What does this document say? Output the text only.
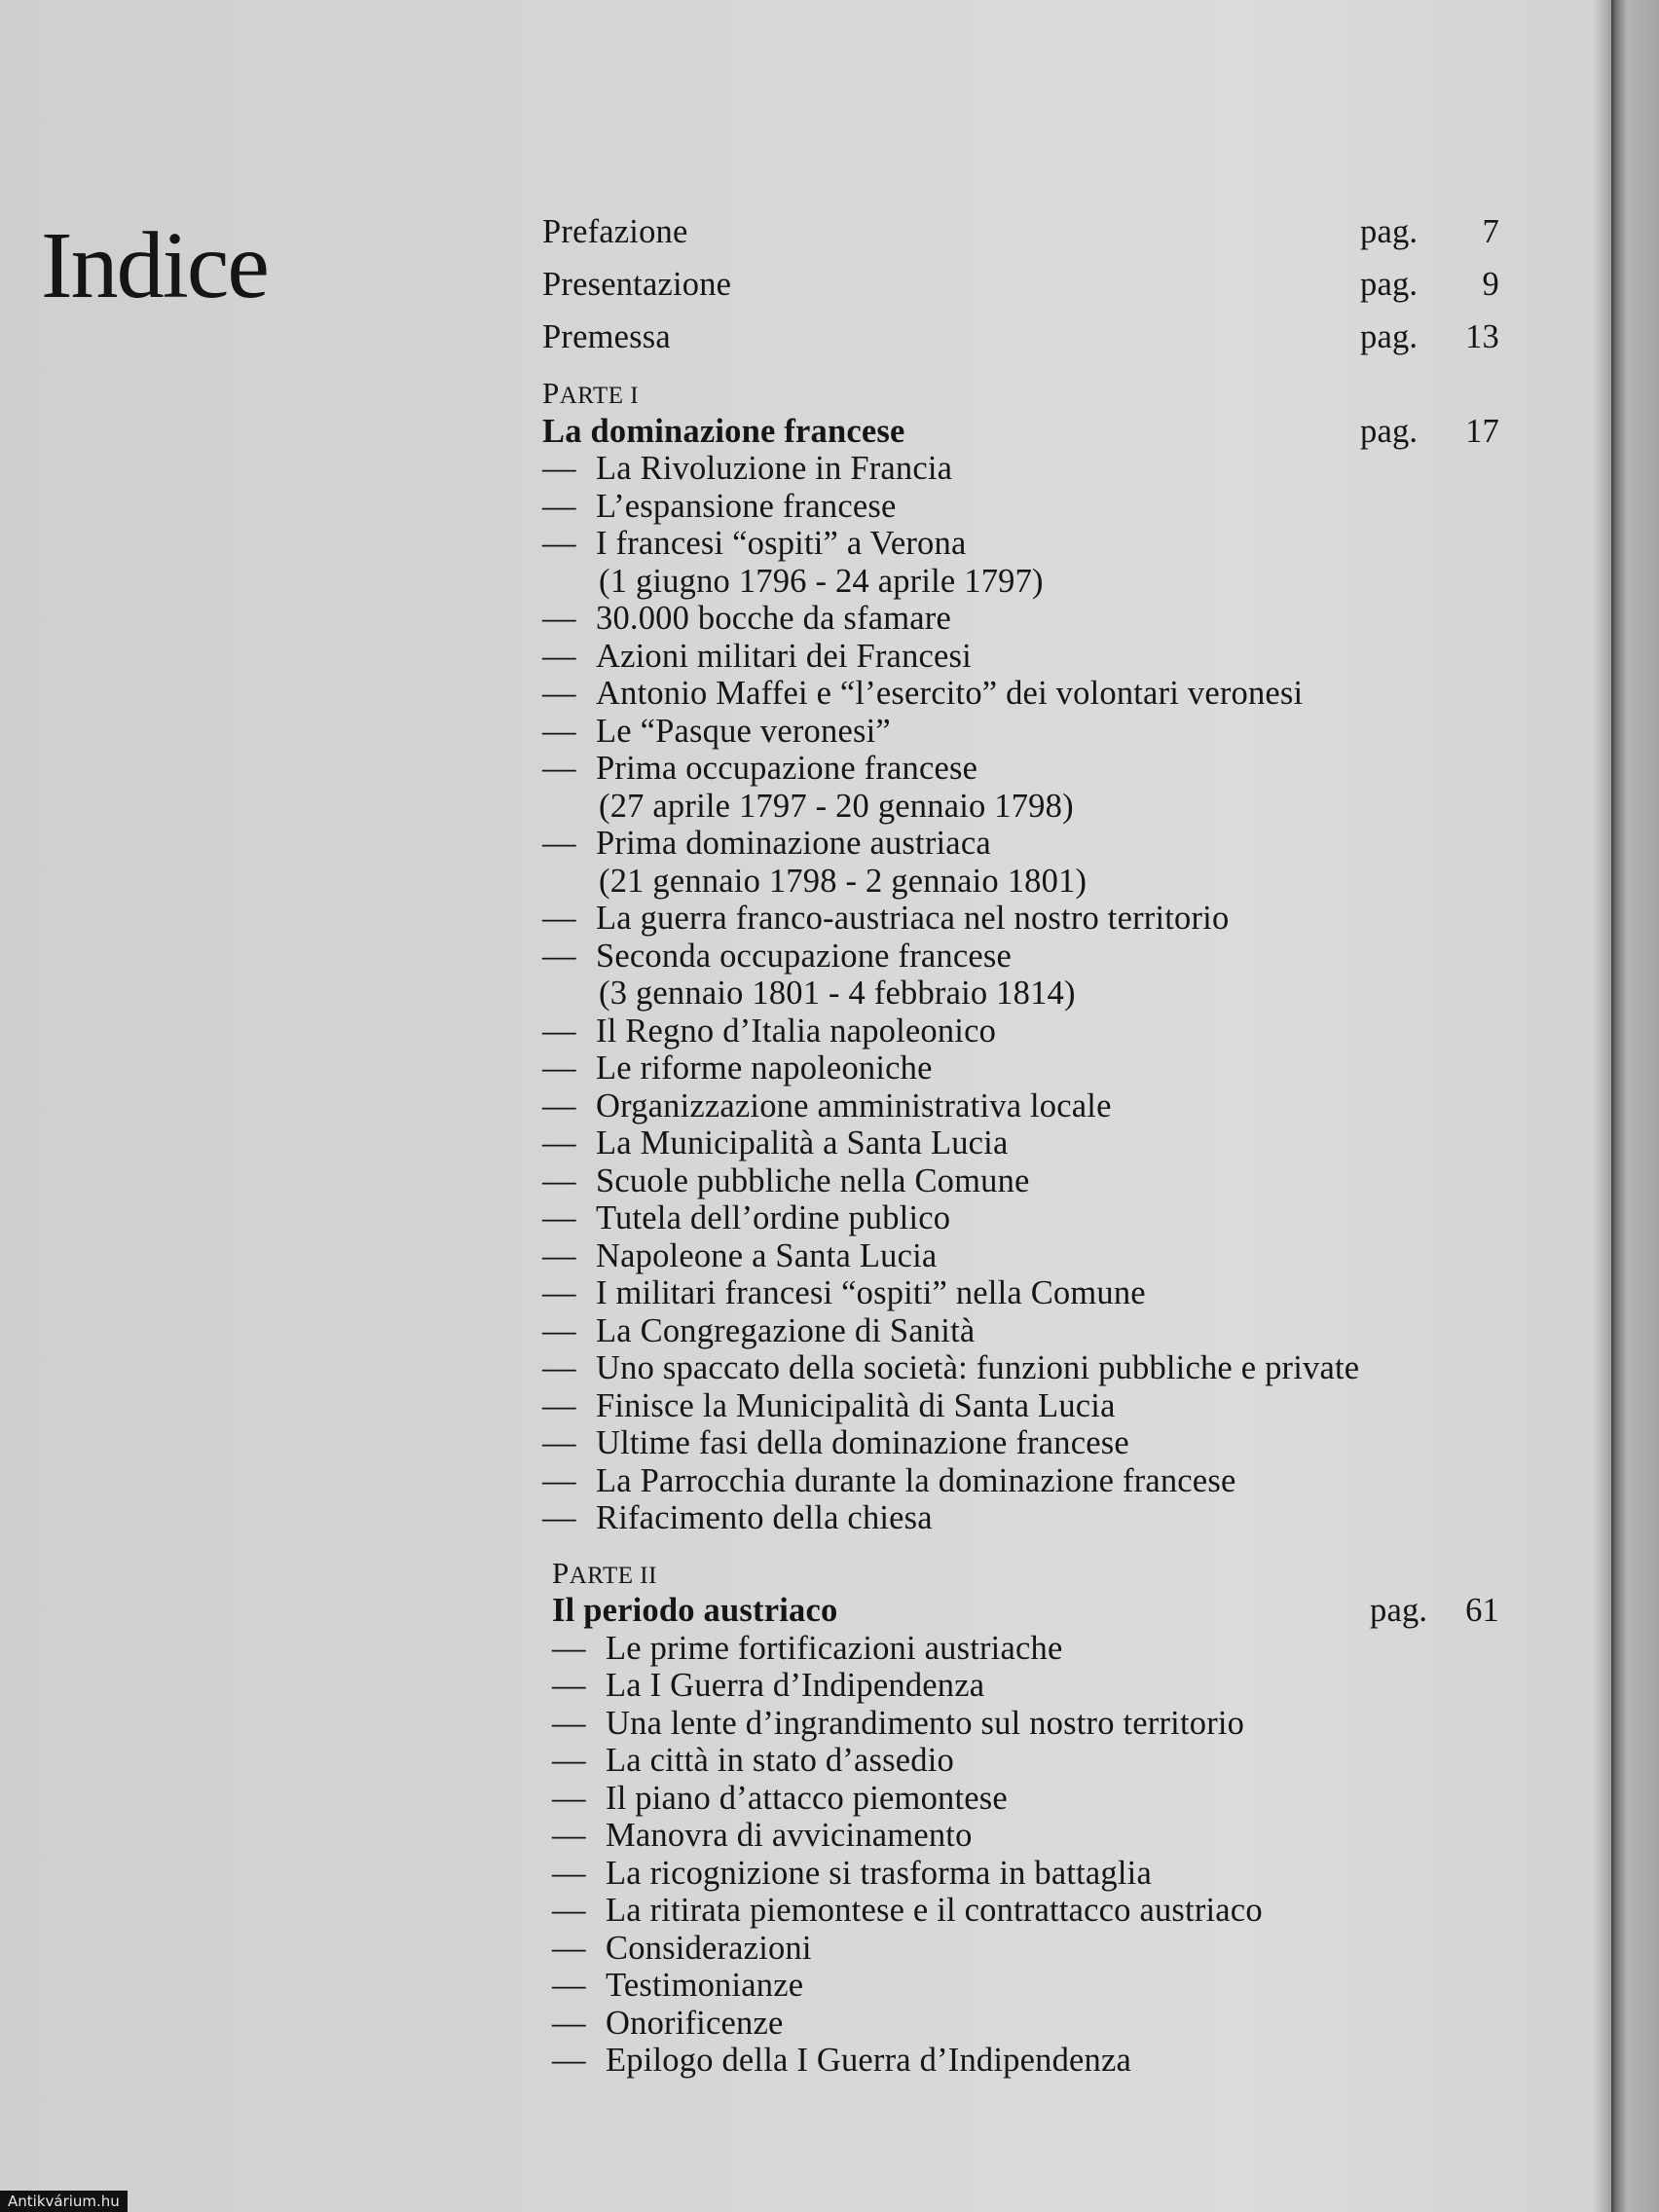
Indice	Prefazione	pag.	7
Presentazione	pag.	9
Premessa	pag.	13
PARTE I
La dominazione francese	pag.	17
— La Rivoluzione in Francia
— L’espansione francese
— I francesi “ospiti” a Verona
(1 giugno 1796 - 24 aprile 1797)
— 30.000 bocche da sfamare
— Azioni militari dei Francesi
— Antonio Maffei e “l’esercito” dei volontari veronesi
— Le “Pasque veronesi”
— Prima occupazione francese
(27 aprile 1797 - 20 gennaio 1798)
— Prima dominazione austriaca
(21 gennaio 1798 - 2 gennaio 1801)
— La guerra franco-austriaca nel nostro territorio
— Seconda occupazione francese
(3 gennaio 1801 - 4 febbraio 1814)
— Il Regno d’Italia napoleonico
— Le riforme napoleoniche
— Organizzazione amministrativa locale
— La Municipalità a Santa Lucia
— Scuole pubbliche nella Comune
— Tutela dell’ordine publico
— Napoleone a Santa Lucia
— I militari francesi “ospiti” nella Comune
— La Congregazione di Sanità
— Uno spaccato della società: funzioni pubbliche e private
— Finisce la Municipalità di Santa Lucia
— Ultime fasi della dominazione francese
— La Parrocchia durante la dominazione francese
— Rifacimento della chiesa
PARTE II
Il periodo austriaco	pag.	61
— Le prime fortificazioni austriache
— La I Guerra d’Indipendenza
— Una lente d’ingrandimento sul nostro territorio
— La città in stato d’assedio
— Il piano d’attacco piemontese
— Manovra di avvicinamento
— La ricognizione si trasforma in battaglia
— La ritirata piemontese e il contrattacco austriaco
— Considerazioni
— Testimonianze
— Onorificenze
— Epilogo della I Guerra d’Indipendenza
Antikvárium.hu
